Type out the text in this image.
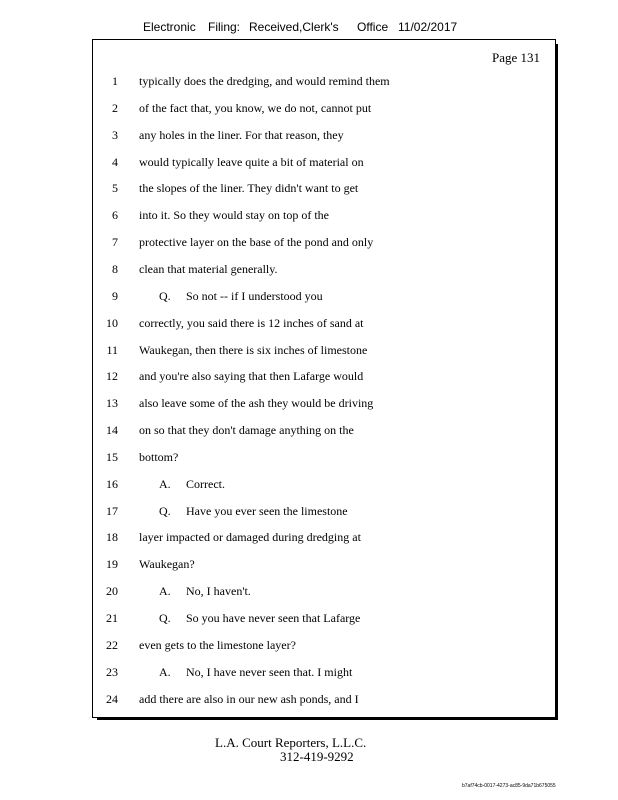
Electronic Filing: Received,Clerk's Office 11/02/2017
Page 131
1 typically does the dredging, and would remind them
2 of the fact that, you know, we do not, cannot put
3 any holes in the liner. For that reason, they
4 would typically leave quite a bit of material on
5 the slopes of the liner. They didn't want to get
6 into it. So they would stay on top of the
7 protective layer on the base of the pond and only
8 clean that material generally.
9	Q. So not -- if I understood you
10 correctly, you said there is 12 inches of sand at
11 Waukegan, then there is six inches of limestone
12 and you're also saying that then Lafarge would
13 also leave some of the ash they would be driving
14 on so that they don't damage anything on the
15 bottom?
16	A. Correct.
17	Q. Have you ever seen the limestone
18 layer impacted or damaged during dredging at
19 Waukegan?
20	A. No, I haven't.
21	Q. So you have never seen that Lafarge
22 even gets to the limestone layer?
23	A. No, I have never seen that. I might
24 add there are also in our new ash ponds, and I
L.A. Court Reporters, L.L.C.
312-419-9292
b7af74cb-0017-4273-ac85-9da71b675055
